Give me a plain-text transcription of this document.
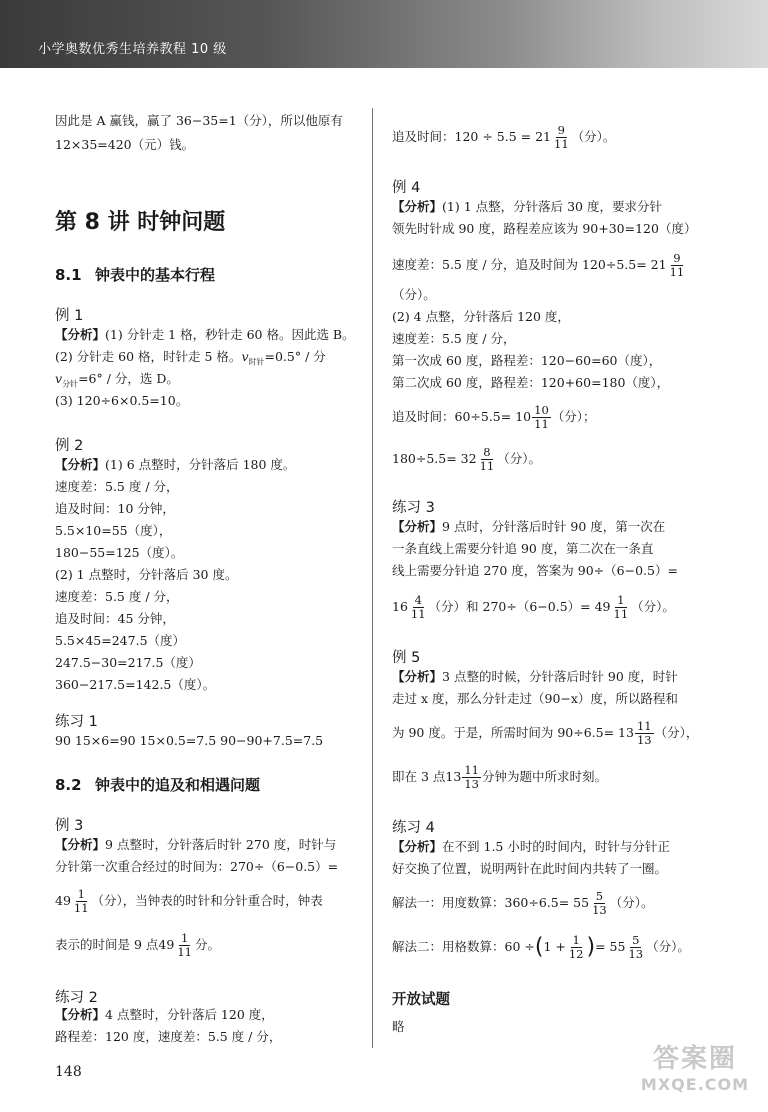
小学奥数优秀生培养教程 10 级
因此是 A 赢钱，赢了 36−35=1（分），所以他原有
12×35=420（元）钱。
第 8 讲 时钟问题
8.1 钟表中的基本行程
例 1
【分析】(1) 分针走 1 格，秒针走 60 格。因此选 B。
(2) 分针走 60 格，时针走 5 格。$v_{时针}=0.5^\circ$ / 分
$v_{分针}=6^\circ$ / 分，选 D。
(3) 120÷6×0.5=10。
例 2
【分析】(1) 6 点整时，分针落后 180 度。
速度差：5.5 度 / 分，
追及时间：10 分钟，
5.5×10=55（度），
180−55=125（度）。
(2) 1 点整时，分针落后 30 度。
速度差：5.5 度 / 分，
追及时间：45 分钟，
5.5×45=247.5（度）
247.5−30=217.5（度）
360−217.5=142.5（度）。
练习 1
90 15×6=90 15×0.5=7.5 90−90+7.5=7.5
8.2 钟表中的追及和相遇问题
例 3
【分析】9 点整时，分针落后时针 270 度，时针与
分针第一次重合经过的时间为：270÷（6−0.5）=
$49 \frac{1}{11}$ （分），当钟表的时针和分针重合时，钟表
表示的时间是 9 点$49 \frac{1}{11}$ 分。
练习 2
【分析】4 点整时，分针落后 120 度，
路程差：120 度，速度差：5.5 度 / 分，
148
追及时间：$120 \div 5.5 = 21 \frac{9}{11}$ （分）。
例 4
【分析】(1) 1 点整，分针落后 30 度，要求分针
领先时针成 90 度，路程差应该为 90+30=120（度）
速度差：5.5 度 / 分，追及时间为 $120\div 5.5= 21 \frac{9}{11}$
（分）。
(2) 4 点整，分针落后 120 度，
速度差：5.5 度 / 分，
第一次成 60 度，路程差：120−60=60（度），
第二次成 60 度，路程差：120+60=180（度），
追及时间：$60\div 5.5= 10 \frac{10}{11}$ （分）；
$180\div 5.5= 32 \frac{8}{11}$ （分）。
练习 3
【分析】9 点时，分针落后时针 90 度，第一次在
一条直线上需要分针追 90 度，第二次在一条直
线上需要分针追 270 度，答案为 90÷（6−0.5）=
$16 \frac{4}{11}$ （分）和 $270\div(6-0.5)= 49 \frac{1}{11}$ （分）。
例 5
【分析】3 点整的时候，分针落后时针 90 度，时针
走过 x 度，那么分针走过（90−x）度，所以路程和
为 90 度。于是，所需时间为 $90\div 6.5= 13 \frac{11}{13}$ （分），
即在 3 点$13 \frac{11}{13}$ 分钟为题中所求时刻。
练习 4
【分析】在不到 1.5 小时的时间内，时针与分针正
好交换了位置，说明两针在此时间内共转了一圈。
解法一：用度数算：$360\div 6.5= 55 \frac{5}{13}$ （分）。
解法二：用格数算：$60 \div(1 + \frac{1}{12}$ )= $55 \frac{5}{13}$ （分）。
开放试题
略
答案圈
MXQE.COM
